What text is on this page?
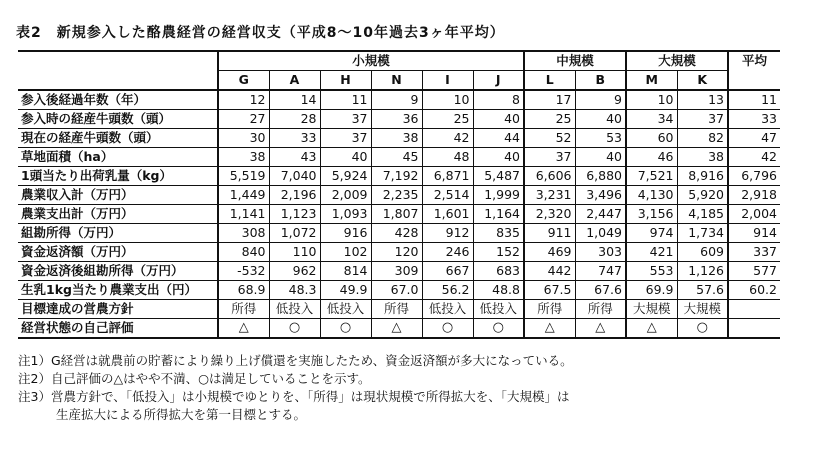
表2　新規参入した酪農経営の経営収支（平成8～10年過去3ヶ年平均）
	小規模						中規模		大規模		平均
	G	A	H	N	I	J	L	B	M	K	
参入後経過年数（年）	12	14	11	9	10	8	17	9	10	13	11
参入時の経産牛頭数（頭）	27	28	37	36	25	40	25	40	34	37	33
現在の経産牛頭数（頭）	30	33	37	38	42	44	52	53	60	82	47
草地面積（ha）	38	43	40	45	48	40	37	40	46	38	42
1頭当たり出荷乳量（kg）	5,519	7,040	5,924	7,192	6,871	5,487	6,606	6,880	7,521	8,916	6,796
農業収入計（万円）	1,449	2,196	2,009	2,235	2,514	1,999	3,231	3,496	4,130	5,920	2,918
農業支出計（万円）	1,141	1,123	1,093	1,807	1,601	1,164	2,320	2,447	3,156	4,185	2,004
組勘所得（万円）	308	1,072	916	428	912	835	911	1,049	974	1,734	914
資金返済額（万円）	840	110	102	120	246	152	469	303	421	609	337
資金返済後組勘所得（万円）	-532	962	814	309	667	683	442	747	553	1,126	577
生乳1kg当たり農業支出（円）	68.9	48.3	49.9	67.0	56.2	48.8	67.5	67.6	69.9	57.6	60.2
目標達成の営農方針	所得	低投入	低投入	所得	低投入	低投入	所得	所得	大規模	大規模	
経営状態の自己評価	△	○	○	△	○	○	△	△	△	○	
注1）G経営は就農前の貯蓄により繰り上げ償還を実施したため、資金返済額が多大になっている。
注2）自己評価の△はやや不満、○は満足していることを示す。
注3）営農方針で、「低投入」は小規模でゆとりを、「所得」は現状規模で所得拡大を、「大規模」は
生産拡大による所得拡大を第一目標とする。
